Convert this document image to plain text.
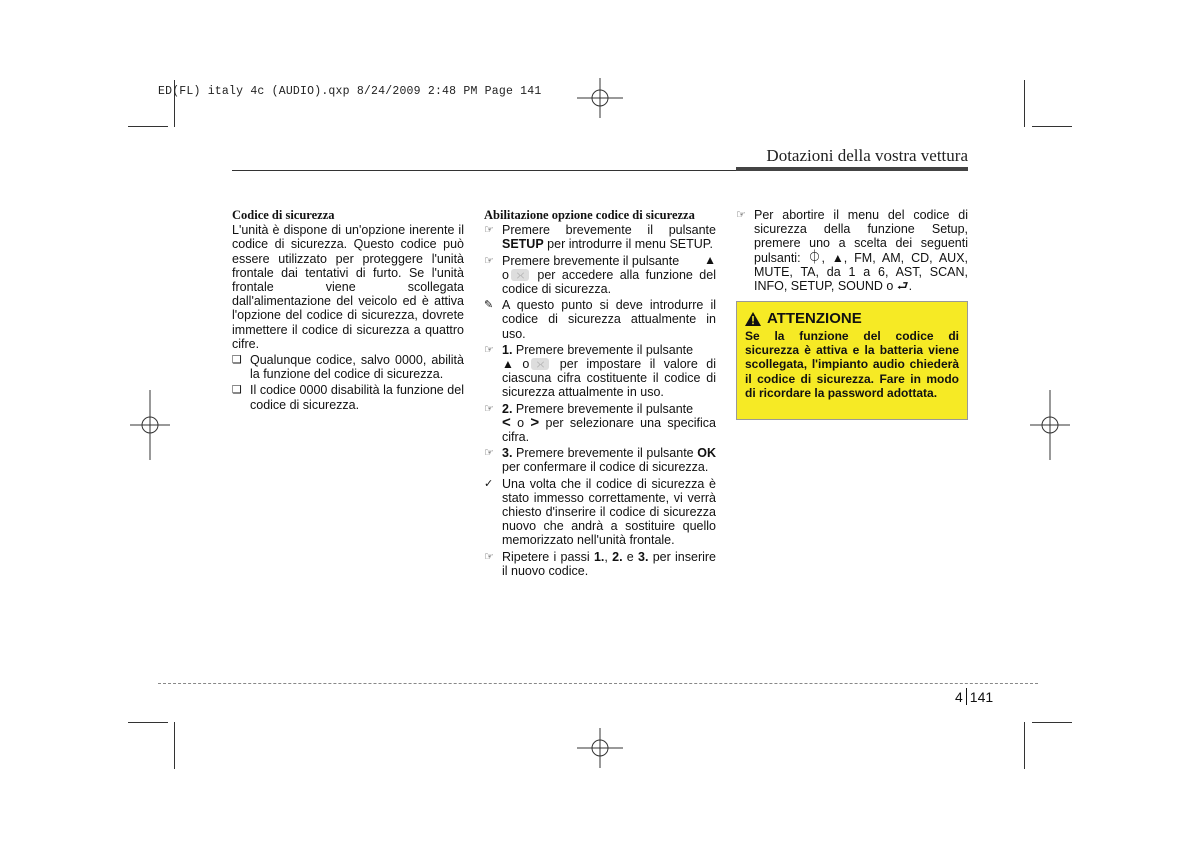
ED(FL) italy 4c (AUDIO).qxp 8/24/2009 2:48 PM Page 141
Dotazioni della vostra vettura
Codice di sicurezza

L'unità è dispone di un'opzione inerente il codice di sicurezza. Questo codice può essere utilizzato per proteggere l'unità frontale dai tentativi di furto. Se l'unità frontale viene scollegata dall'alimentazione del veicolo ed è attiva l'opzione del codice di sicurezza, dovrete immettere il codice di sicurezza a quattro cifre.

❑ Qualunque codice, salvo 0000, abilità la funzione del codice di sicurezza.
❑ Il codice 0000 disabilità la funzione del codice di sicurezza.
Abilitazione opzione codice di sicurezza
☞ Premere brevemente il pulsante SETUP per introdurre il menu SETUP.
☞ Premere brevemente il pulsante ▲

o per accedere alla funzione del codice di sicurezza.
✎ A questo punto si deve introdurre il codice di sicurezza attualmente in uso.
☞ 1. Premere brevemente il pulsante
▲ o per impostare il valore di ciascuna cifra costituente il codice di sicurezza attualmente in uso.
☞ 2. Premere brevemente il pulsante
< o > per selezionare una specifica cifra.
☞ 3. Premere brevemente il pulsante OK per confermare il codice di sicurezza.
✓ Una volta che il codice di sicurezza è stato immesso correttamente, vi verrà chiesto d'inserire il codice di sicurezza nuovo che andrà a sostituire quello memorizzato nell'unità frontale.
☞ Ripetere i passi 1., 2. e 3. per inserire il nuovo codice.
☞ Per abortire il menu del codice di sicurezza della funzione Setup, premere uno a scelta dei seguenti pulsanti: ⏀, ▲, FM, AM, CD, AUX, MUTE, TA, da 1 a 6, AST, SCAN, INFO, SETUP, SOUND o ⮐.
ATTENZIONE
Se la funzione del codice di sicurezza è attiva e la batteria viene scollegata, l'impianto audio chiederà il codice di sicurezza. Fare in modo di ricordare la password adottata.
4 141
